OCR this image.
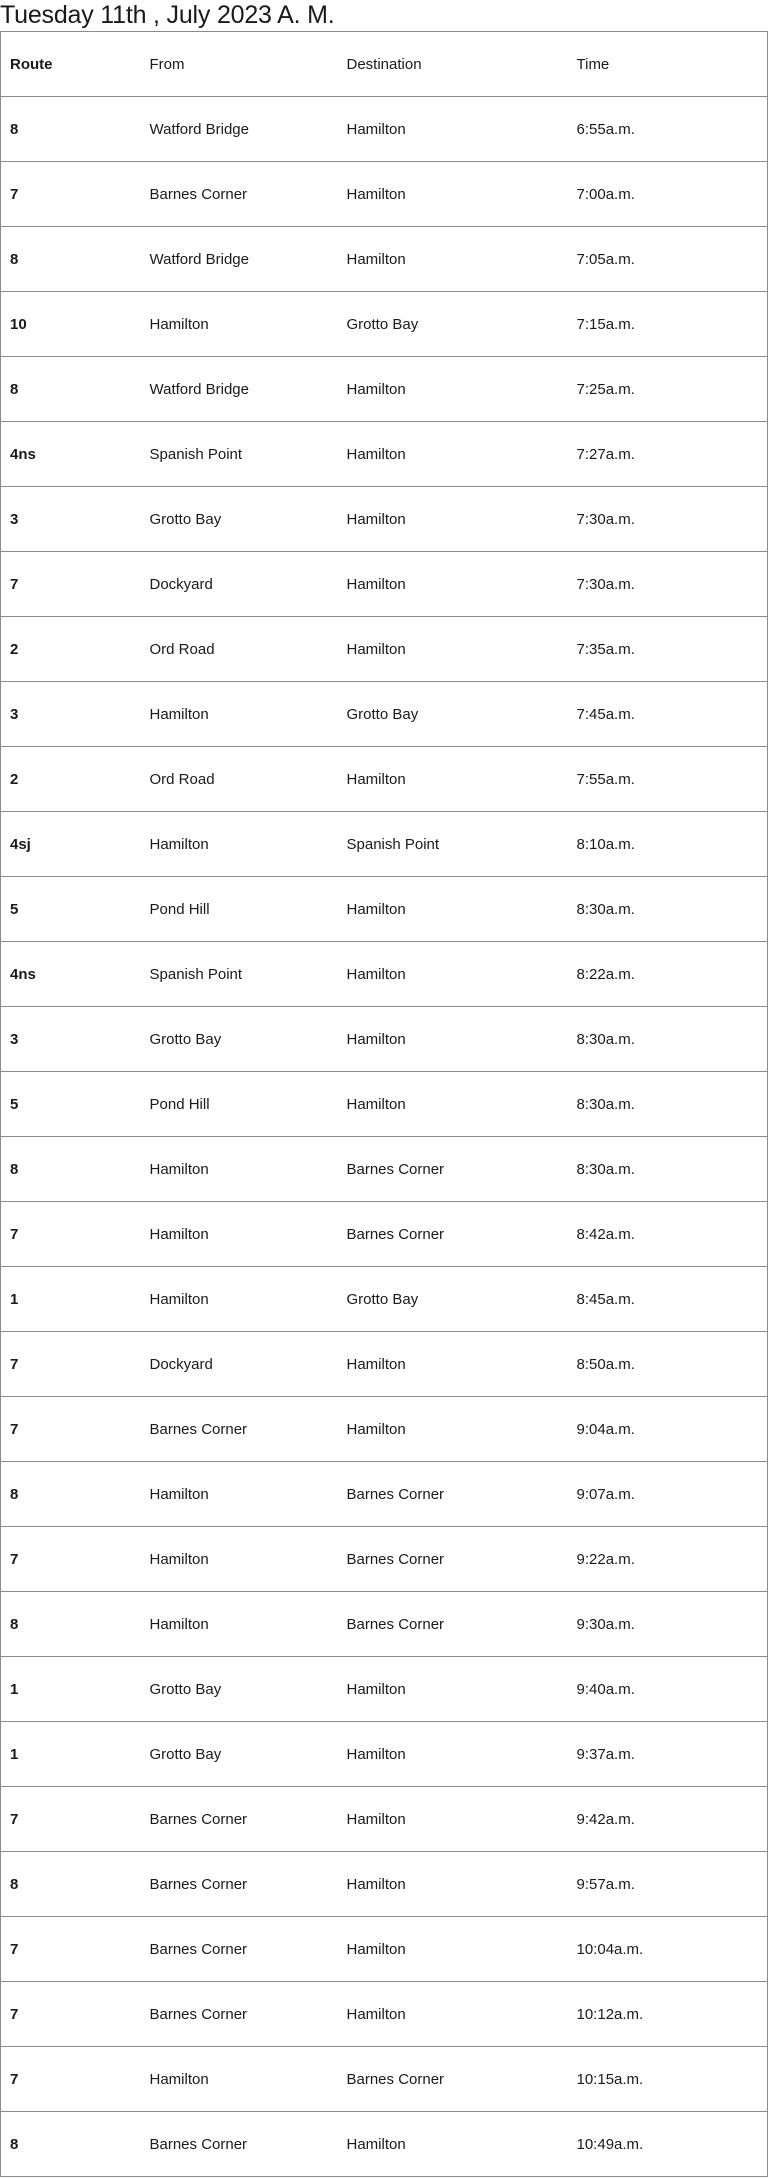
Tuesday 11th , July 2023 A. M.
Route	From	Destination	Time
8	Watford Bridge	Hamilton	6:55a.m.
7	Barnes Corner	Hamilton	7:00a.m.
8	Watford Bridge	Hamilton	7:05a.m.
10	Hamilton	Grotto Bay	7:15a.m.
8	Watford Bridge	Hamilton	7:25a.m.
4ns	Spanish Point	Hamilton	7:27a.m.
3	Grotto Bay	Hamilton	7:30a.m.
7	Dockyard	Hamilton	7:30a.m.
2	Ord Road	Hamilton	7:35a.m.
3	Hamilton	Grotto Bay	7:45a.m.
2	Ord Road	Hamilton	7:55a.m.
4sj	Hamilton	Spanish Point	8:10a.m.
5	Pond Hill	Hamilton	8:30a.m.
4ns	Spanish Point	Hamilton	8:22a.m.
3	Grotto Bay	Hamilton	8:30a.m.
5	Pond Hill	Hamilton	8:30a.m.
8	Hamilton	Barnes Corner	8:30a.m.
7	Hamilton	Barnes Corner	8:42a.m.
1	Hamilton	Grotto Bay	8:45a.m.
7	Dockyard	Hamilton	8:50a.m.
7	Barnes Corner	Hamilton	9:04a.m.
8	Hamilton	Barnes Corner	9:07a.m.
7	Hamilton	Barnes Corner	9:22a.m.
8	Hamilton	Barnes Corner	9:30a.m.
1	Grotto Bay	Hamilton	9:40a.m.
1	Grotto Bay	Hamilton	9:37a.m.
7	Barnes Corner	Hamilton	9:42a.m.
8	Barnes Corner	Hamilton	9:57a.m.
7	Barnes Corner	Hamilton	10:04a.m.
7	Barnes Corner	Hamilton	10:12a.m.
7	Hamilton	Barnes Corner	10:15a.m.
8	Barnes Corner	Hamilton	10:49a.m.
